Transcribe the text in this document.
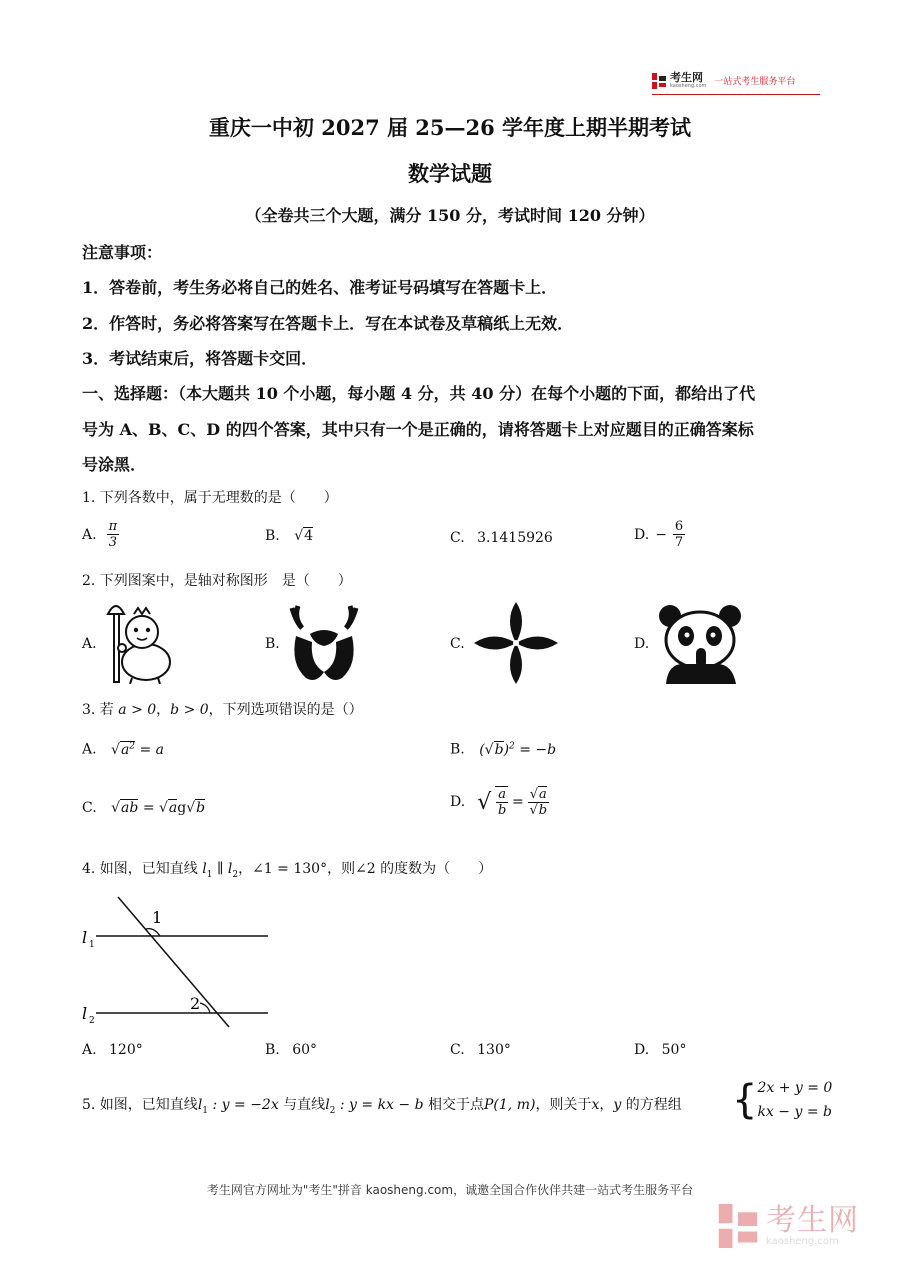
考生网
kaosheng.com 一站式考生服务平台
重庆一中初 2027 届 25—26 学年度上期半期考试
数学试题
（全卷共三个大题，满分 150 分，考试时间 120 分钟）
注意事项：
1．答卷前，考生务必将自己的姓名、准考证号码填写在答题卡上．
2．作答时，务必将答案写在答题卡上．写在本试卷及草稿纸上无效．
3．考试结束后，将答题卡交回．
一、选择题：（本大题共 10 个小题，每小题 4 分，共 40 分）在每个小题的下面，都给出了代
号为 A、B、C、D 的四个答案，其中只有一个是正确的，请将答题卡上对应题目的正确答案标
号涂黑．
1. 下列各数中，属于无理数的是（　　）
A. $\frac{\pi}{3}$	B. √4	C. 3.1415926	D. − $\frac{6}{7}$
2. 下列图案中，是轴对称图形　是（　　）
A.	B.	C.	D.
3. 若 a > 0，b > 0，下列选项错误的是（）
A. $√a^2 = a$	B. $(√b)^2 = -b$
C. √ab = √ag√b	D. √ $\frac{a}{b} = \frac{√a}{√b}$
4. 如图，已知直线 $l_1$ ∥ $l_2$，∠1 = 130°，则∠2 的度数为（　　）
1
2
l 1
l 2
A. 120°	B. 60°	C. 130°	D. 50°
5. 如图，已知直线$l_1$ : y = −2x 与直线$l_2$ : y = kx − b 相交于点P(1, m)，则关于x，y 的方程组 { 2x + y = 0
kx − y = b
考生网官方网址为"考生"拼音 kaosheng.com，诚邀全国合作伙伴共建一站式考生服务平台
考生网
kaosheng.com
